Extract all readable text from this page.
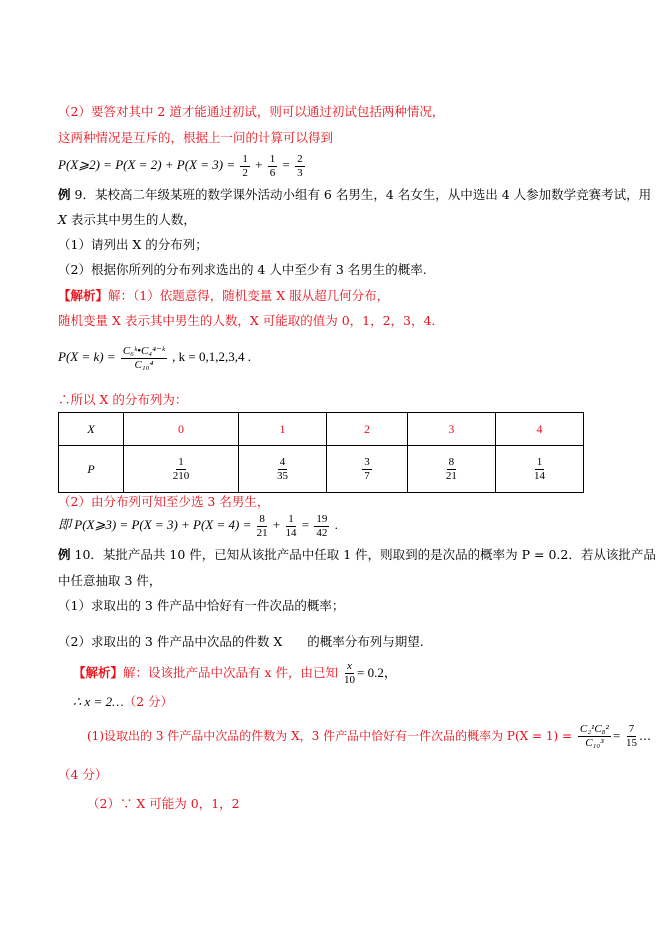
（2）要答对其中 2 道才能通过初试，则可以通过初试包括两种情况，
这两种情况是互斥的，根据上一问的计算可以得到
P(X⩾2) = $P(X = 2) + P(X = 3) = \frac{1}{2} + \frac{1}{6} = \frac{2}{3}$
例 9．某校高二年级某班的数学课外活动小组有 6 名男生，4 名女生，从中选出 4 人参加数学竞赛考试，用
X 表示其中男生的人数，
（1）请列出 X 的分布列；
（2）根据你所列的分布列求选出的 4 人中至少有 3 名男生的概率.
【解析】解：（1）依题意得，随机变量 X 服从超几何分布，
随机变量 X 表示其中男生的人数，X 可能取的值为 0，1，2，3，4．
$P(X = k) = \frac{\text{C₆ᵏ•C₄⁴⁻ᵏ}}{\text{C₁₀⁴}}$ , k = 0,1,2,3,4 .
∴所以 X 的分布列为：
X	0	1	2	3	4
P	$\frac{1}{210}$	$\frac{4}{35}$	$\frac{3}{7}$	$\frac{8}{21}$	$\frac{1}{14}$
（2）由分布列可知至少选 3 名男生，
即 P(X⩾3) = $P(X = 3) + P(X = 4) = \frac{8}{21} + \frac{1}{14} = \frac{19}{42}$ .
例 10．某批产品共 10 件，已知从该批产品中任取 1 件，则取到的是次品的概率为 P = 0.2．若从该批产品
中任意抽取 3 件，
（1）求取出的 3 件产品中恰好有一件次品的概率；
（2）求取出的 3 件产品中次品的件数 X　　的概率分布列与期望.
【解析】解：设该批产品中次品有 x 件，由已知 $\frac{x}{10} = 0.2$，
∴ x = 2…（2 分）
(1)设取出的 3 件产品中次品的件数为 X，3 件产品中恰好有一件次品的概率为 $P(X = 1) = \frac{\text{C₂¹C₈²}}{\text{C₁₀³}} = \frac{7}{15}$ …
（4 分）
（2）∵ X 可能为 0，1，2
